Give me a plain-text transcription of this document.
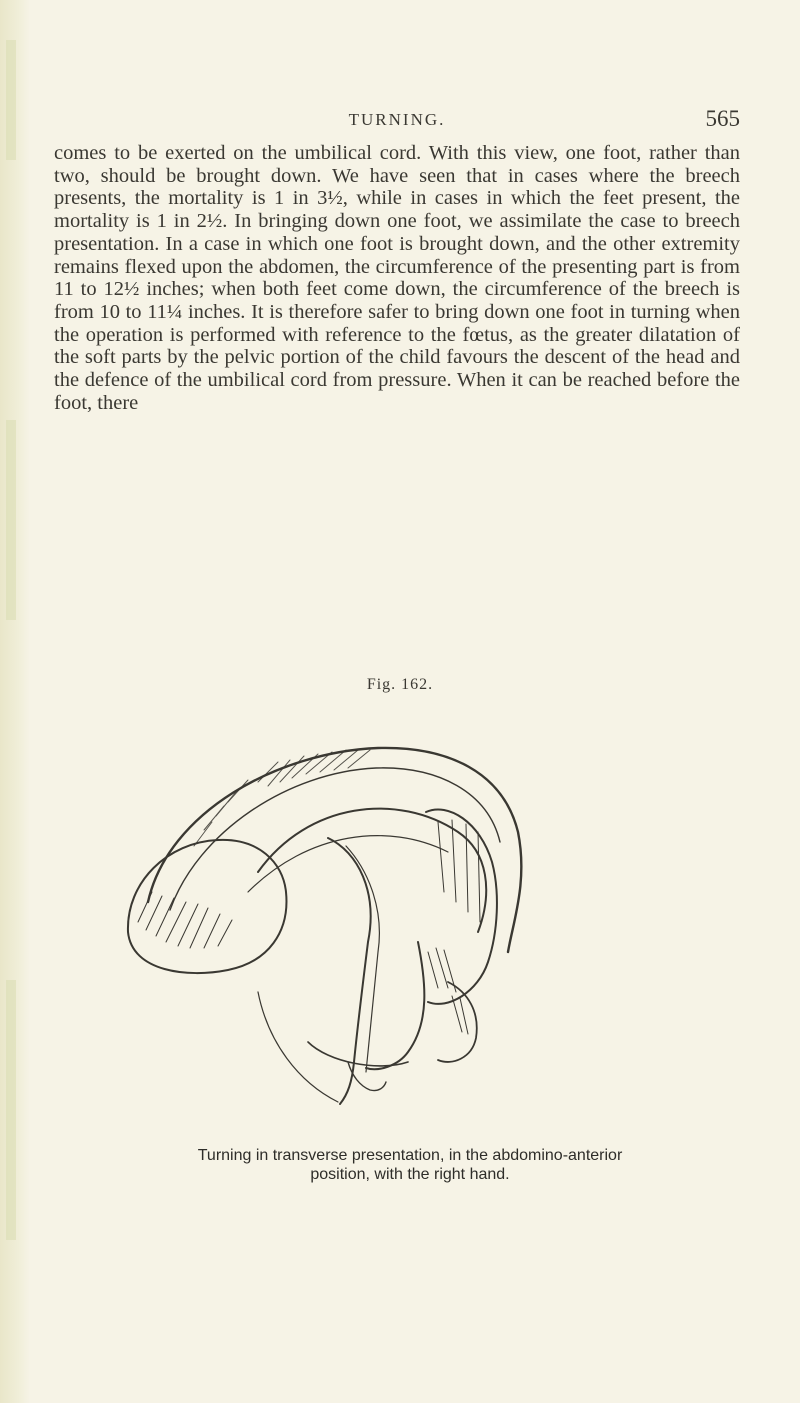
TURNING.	565

comes to be exerted on the umbilical cord. With this view, one foot, rather than two, should be brought down. We have seen that in cases where the breech presents, the mortality is 1 in 3½, while in cases in which the feet present, the mortality is 1 in 2½. In bringing down one foot, we assimilate the case to breech presentation. In a case in which one foot is brought down, and the other extremity remains flexed upon the abdomen, the circumference of the presenting part is from 11 to 12½ inches; when both feet come down, the circumference of the breech is from 10 to 11¼ inches. It is therefore safer to bring down one foot in turning when the operation is performed with reference to the fœtus, as the greater dilatation of the soft parts by the pelvic portion of the child favours the descent of the head and the defence of the umbilical cord from pressure. When it can be reached before the foot, there

Fig. 162.
Turning in transverse presentation, in the abdomino-anterior
position, with the right hand.
